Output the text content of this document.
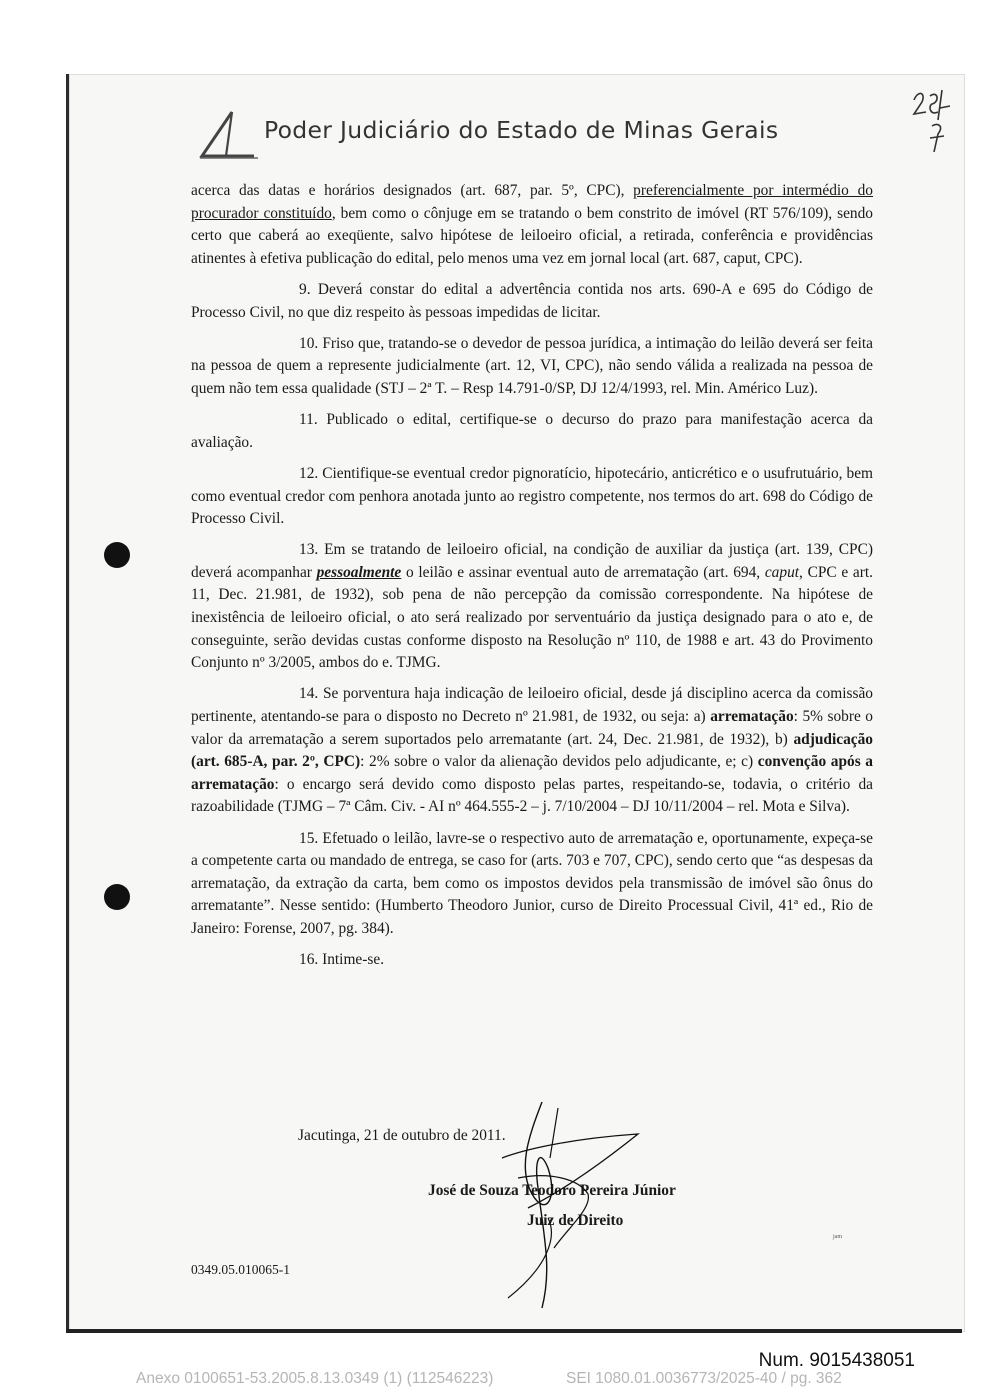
Poder Judiciário do Estado de Minas Gerais

acerca das datas e horários designados (art. 687, par. 5º, CPC), preferencialmente por intermédio do procurador constituído, bem como o cônjuge em se tratando o bem constrito de imóvel (RT 576/109), sendo certo que caberá ao exeqüente, salvo hipótese de leiloeiro oficial, a retirada, conferência e providências atinentes à efetiva publicação do edital, pelo menos uma vez em jornal local (art. 687, caput, CPC).

9. Deverá constar do edital a advertência contida nos arts. 690-A e 695 do Código de Processo Civil, no que diz respeito às pessoas impedidas de licitar.

10. Friso que, tratando-se o devedor de pessoa jurídica, a intimação do leilão deverá ser feita na pessoa de quem a represente judicialmente (art. 12, VI, CPC), não sendo válida a realizada na pessoa de quem não tem essa qualidade (STJ – 2ª T. – Resp 14.791-0/SP, DJ 12/4/1993, rel. Min. Américo Luz).

11. Publicado o edital, certifique-se o decurso do prazo para manifestação acerca da avaliação.

12. Cientifique-se eventual credor pignoratício, hipotecário, anticrético e o usufrutuário, bem como eventual credor com penhora anotada junto ao registro competente, nos termos do art. 698 do Código de Processo Civil.

13. Em se tratando de leiloeiro oficial, na condição de auxiliar da justiça (art. 139, CPC) deverá acompanhar pessoalmente o leilão e assinar eventual auto de arrematação (art. 694, caput, CPC e art. 11, Dec. 21.981, de 1932), sob pena de não percepção da comissão correspondente. Na hipótese de inexistência de leiloeiro oficial, o ato será realizado por serventuário da justiça designado para o ato e, de conseguinte, serão devidas custas conforme disposto na Resolução nº 110, de 1988 e art. 43 do Provimento Conjunto nº 3/2005, ambos do e. TJMG.

14. Se porventura haja indicação de leiloeiro oficial, desde já disciplino acerca da comissão pertinente, atentando-se para o disposto no Decreto nº 21.981, de 1932, ou seja: a) arrematação: 5% sobre o valor da arrematação a serem suportados pelo arrematante (art. 24, Dec. 21.981, de 1932), b) adjudicação (art. 685-A, par. 2º, CPC): 2% sobre o valor da alienação devidos pelo adjudicante, e; c) convenção após a arrematação: o encargo será devido como disposto pelas partes, respeitando-se, todavia, o critério da razoabilidade (TJMG – 7ª Câm. Civ. - AI nº 464.555-2 – j. 7/10/2004 – DJ 10/11/2004 – rel. Mota e Silva).

15. Efetuado o leilão, lavre-se o respectivo auto de arrematação e, oportunamente, expeça-se a competente carta ou mandado de entrega, se caso for (arts. 703 e 707, CPC), sendo certo que “as despesas da arrematação, da extração da carta, bem como os impostos devidos pela transmissão de imóvel são ônus do arrematante”. Nesse sentido: (Humberto Theodoro Junior, curso de Direito Processual Civil, 41ª ed., Rio de Janeiro: Forense, 2007, pg. 384).

16. Intime-se.

Jacutinga, 21 de outubro de 2011.
José de Souza Teodoro Pereira Júnior
Juiz de Direito
0349.05.010065-1
jam
Num. 9015438051
Anexo 0100651-53.2005.8.13.0349 (1) (112546223)	SEI 1080.01.0036773/2025-40 / pg. 362
